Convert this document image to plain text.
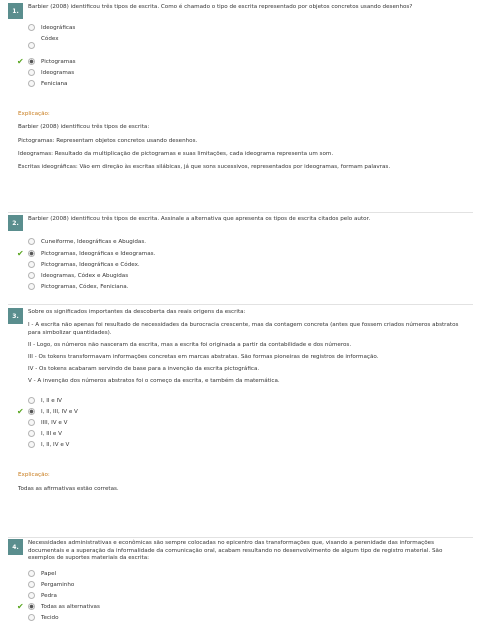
1.
Barbier (2008) identificou três tipos de escrita. Como é chamado o tipo de escrita representado por objetos concretos usando desenhos?
Ideográficas
Códex
✔	Pictogramas
Ideogramas
Feniciana
Explicação:
Barbier (2008) identificou três tipos de escrita:
Pictogramas: Representam objetos concretos usando desenhos.
Ideogramas: Resultado da multiplicação de pictogramas e suas limitações, cada ideograma representa um som.
Escritas ideográficas: Vão em direção às escritas silábicas, já que sons sucessivos, representados por ideogramas, formam palavras.
2.
Barbier (2008) identificou três tipos de escrita. Assinale a alternativa que apresenta os tipos de escrita citados pelo autor.
Cuneiforme, Ideográficas e Abugidas.
✔	Pictogramas, Ideográficas e Ideogramas.
Pictogramas, Ideográficas e Códex.
Ideogramas, Códex e Abugidas
Pictogramas, Códex, Feniciana.
3.
Sobre os significados importantes da descoberta das reais origens da escrita:
I - A escrita não apenas foi resultado de necessidades da burocracia crescente, mas da contagem concreta (antes que fossem criados números abstratos para simbolizar quantidades).
II - Logo, os números não nasceram da escrita, mas a escrita foi originada a partir da contabilidade e dos números.
III - Os tokens transformavam informações concretas em marcas abstratas. São formas pioneiras de registros de informação.
IV - Os tokens acabaram servindo de base para a invenção da escrita pictográfica.
V - A invenção dos números abstratos foi o começo da escrita, e também da matemática.
I, II e IV
✔	I, II, III, IV e V
IIII, IV e V
I, III e V
I, II, IV e V
Explicação:
Todas as afirmativas estão corretas.
4.
Necessidades administrativas e econômicas são sempre colocadas no epicentro das transformações que, visando a perenidade das informações documentais e a superação da informalidade da comunicação oral, acabam resultando no desenvolvimento de algum tipo de registro material. São exemplos de suportes materiais da escrita:
Papel
Pergaminho
Pedra
✔	Todas as alternativas
Tecido
